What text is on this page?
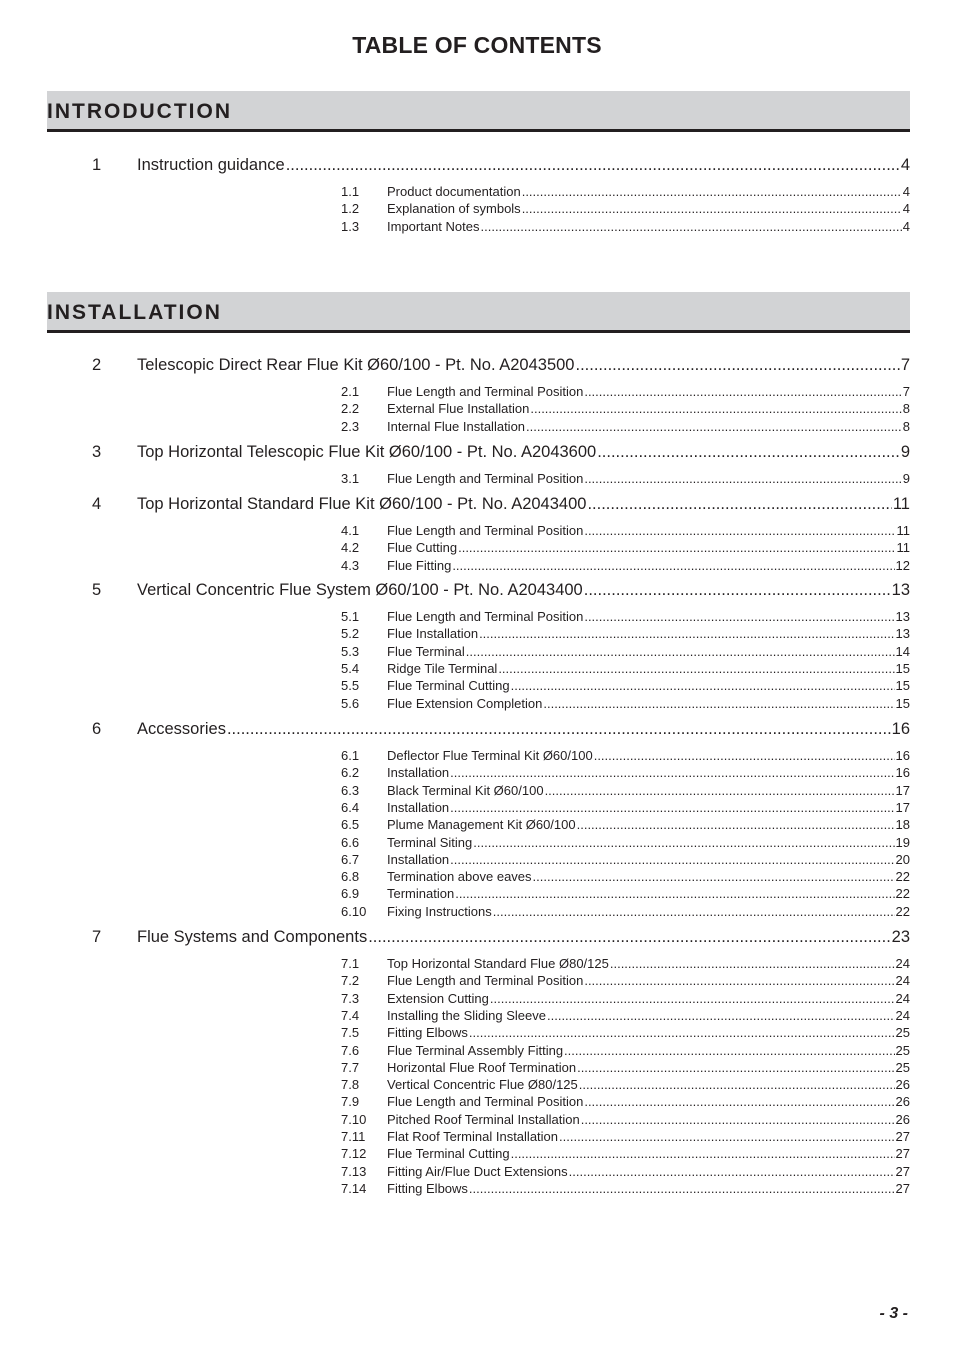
TABLE OF CONTENTS
INTRODUCTION
INSTALLATION
1	Instruction guidance .....	4
1.1	Product documentation .....	4
1.2	Explanation of symbols .....	4
1.3	Important Notes .....	4
2	Telescopic Direct Rear Flue Kit Ø60/100 - Pt. No. A2043500 .....	7
2.1	Flue Length and Terminal Position .....	7
2.2	External Flue Installation .....	8
2.3	Internal Flue Installation .....	8
3	Top Horizontal Telescopic Flue Kit Ø60/100 - Pt. No. A2043600 .....	9
3.1	Flue Length and Terminal Position .....	9
4	Top Horizontal Standard Flue Kit Ø60/100 - Pt. No. A2043400 .....	11
4.1	Flue Length and Terminal Position .....	11
4.2	Flue Cutting .....	11
4.3	Flue Fitting .....	12
5	Vertical Concentric Flue System Ø60/100 - Pt. No. A2043400 .....	13
5.1	Flue Length and Terminal Position .....	13
5.2	Flue Installation .....	13
5.3	Flue Terminal .....	14
5.4	Ridge Tile Terminal .....	15
5.5	Flue Terminal Cutting .....	15
5.6	Flue Extension Completion .....	15
6	Accessories .....	16
6.1	Deflector Flue Terminal Kit Ø60/100 .....	16
6.2	Installation .....	16
6.3	Black Terminal Kit Ø60/100 .....	17
6.4	Installation .....	17
6.5	Plume Management Kit Ø60/100 .....	18
6.6	Terminal Siting .....	19
6.7	Installation .....	20
6.8	Termination above eaves .....	22
6.9	Termination .....	22
6.10	Fixing Instructions .....	22
7	Flue Systems and Components .....	23
7.1	Top Horizontal Standard Flue Ø80/125 .....	24
7.2	Flue Length and Terminal Position .....	24
7.3	Extension Cutting .....	24
7.4	Installing the Sliding Sleeve .....	24
7.5	Fitting Elbows .....	25
7.6	Flue Terminal Assembly Fitting .....	25
7.7	Horizontal Flue Roof Termination .....	25
7.8	Vertical Concentric Flue Ø80/125 .....	26
7.9	Flue Length and Terminal Position .....	26
7.10	Pitched Roof Terminal Installation .....	26
7.11	Flat Roof Terminal Installation .....	27
7.12	Flue Terminal Cutting .....	27
7.13	Fitting Air/Flue Duct Extensions .....	27
7.14	Fitting Elbows .....	27
- 3 -
